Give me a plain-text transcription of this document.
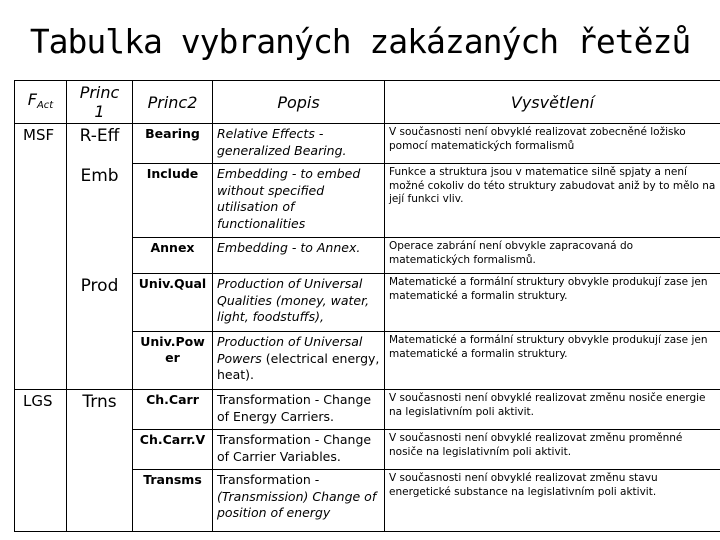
Tabulka vybraných zakázaných řetězů
$F_{Act}$	Princ 1	Princ2	Popis	Vysvětlení
MSF	R-Eff	Bearing	Relative Effects - generalized Bearing.	V současnosti není obvyklé realizovat zobecněné ložisko pomocí matematických formalismů
	Emb	Include	Embedding - to embed without specified utilisation of functionalities	Funkce a struktura jsou v matematice silně spjaty a není možné cokoliv do této struktury zabudovat aniž by to mělo na její funkci vliv.
		Annex	Embedding - to Annex.	Operace zabrání není obvykle zapracovaná do matematických formalismů.
	Prod	Univ.Qual	Production of Universal Qualities (money, water, light, foodstuffs),	Matematické a formální struktury obvykle produkují zase jen matematické a formalin struktury.
		Univ.Pow er	Production of Universal Powers (electrical energy, heat).	Matematické a formální struktury obvykle produkují zase jen matematické a formalin struktury.
LGS	Trns	Ch.Carr	Transformation - Change of Energy Carriers.	V současnosti není obvyklé realizovat změnu nosiče energie na legislativním poli aktivit.
		Ch.Carr.V	Transformation - Change of Carrier Variables.	V současnosti není obvyklé realizovat změnu proměnné nosiče na legislativním poli aktivit.
		Transms	Transformation - (Transmission) Change of position of energy	V současnosti není obvyklé realizovat změnu stavu energetické substance na legislativním poli aktivit.
